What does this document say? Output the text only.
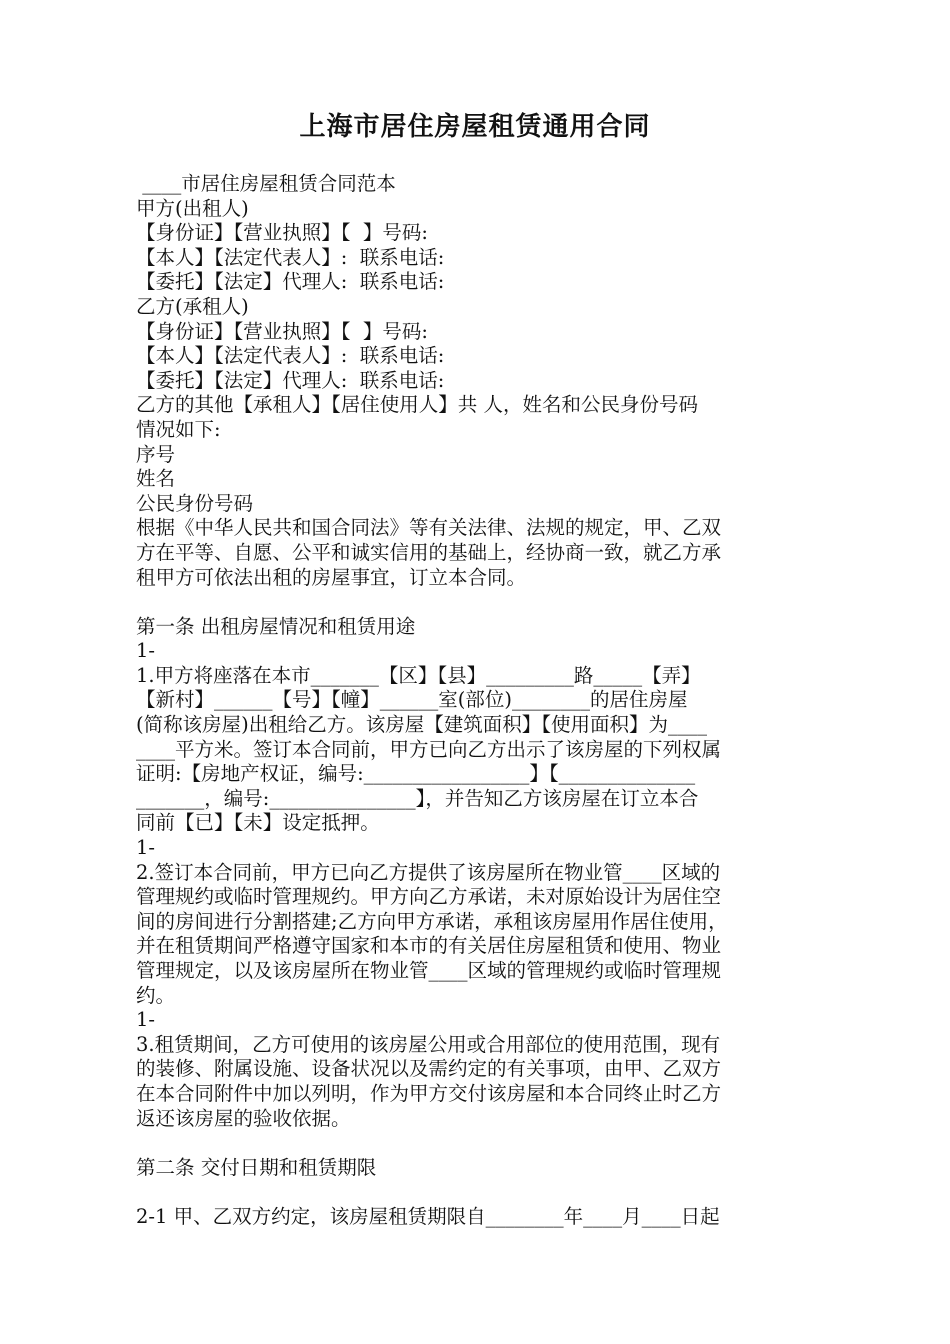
上海市居住房屋租赁通用合同
____市居住房屋租赁合同范本
甲方(出租人)
【身份证】【营业执照】【  】号码:
【本人】【法定代表人】:  联系电话:
【委托】【法定】代理人:  联系电话:
乙方(承租人)
【身份证】【营业执照】【  】号码:
【本人】【法定代表人】:  联系电话:
【委托】【法定】代理人:  联系电话:
乙方的其他【承租人】【居住使用人】共 人，姓名和公民身份号码
情况如下:
序号
姓名
公民身份号码
根据《中华人民共和国合同法》等有关法律、法规的规定，甲、乙双
方在平等、自愿、公平和诚实信用的基础上，经协商一致，就乙方承
租甲方可依法出租的房屋事宜，订立本合同。
第一条 出租房屋情况和租赁用途
1-
1.甲方将座落在本市_______【区】【县】_________路_____【弄】
【新村】______【号】【幢】______室(部位)________的居住房屋
(简称该房屋)出租给乙方。该房屋【建筑面积】【使用面积】为____
____平方米。签订本合同前，甲方已向乙方出示了该房屋的下列权属
证明:【房地产权证，编号:_________________】【______________
_______，编号:_______________】，并告知乙方该房屋在订立本合
同前【已】【未】设定抵押。
1-
2.签订本合同前，甲方已向乙方提供了该房屋所在物业管____区域的
管理规约或临时管理规约。甲方向乙方承诺，未对原始设计为居住空
间的房间进行分割搭建;乙方向甲方承诺，承租该房屋用作居住使用，
并在租赁期间严格遵守国家和本市的有关居住房屋租赁和使用、物业
管理规定，以及该房屋所在物业管____区域的管理规约或临时管理规
约。
1-
3.租赁期间，乙方可使用的该房屋公用或合用部位的使用范围，现有
的装修、附属设施、设备状况以及需约定的有关事项，由甲、乙双方
在本合同附件中加以列明，作为甲方交付该房屋和本合同终止时乙方
返还该房屋的验收依据。
第二条 交付日期和租赁期限
2-1 甲、乙双方约定，该房屋租赁期限自________年____月____日起
